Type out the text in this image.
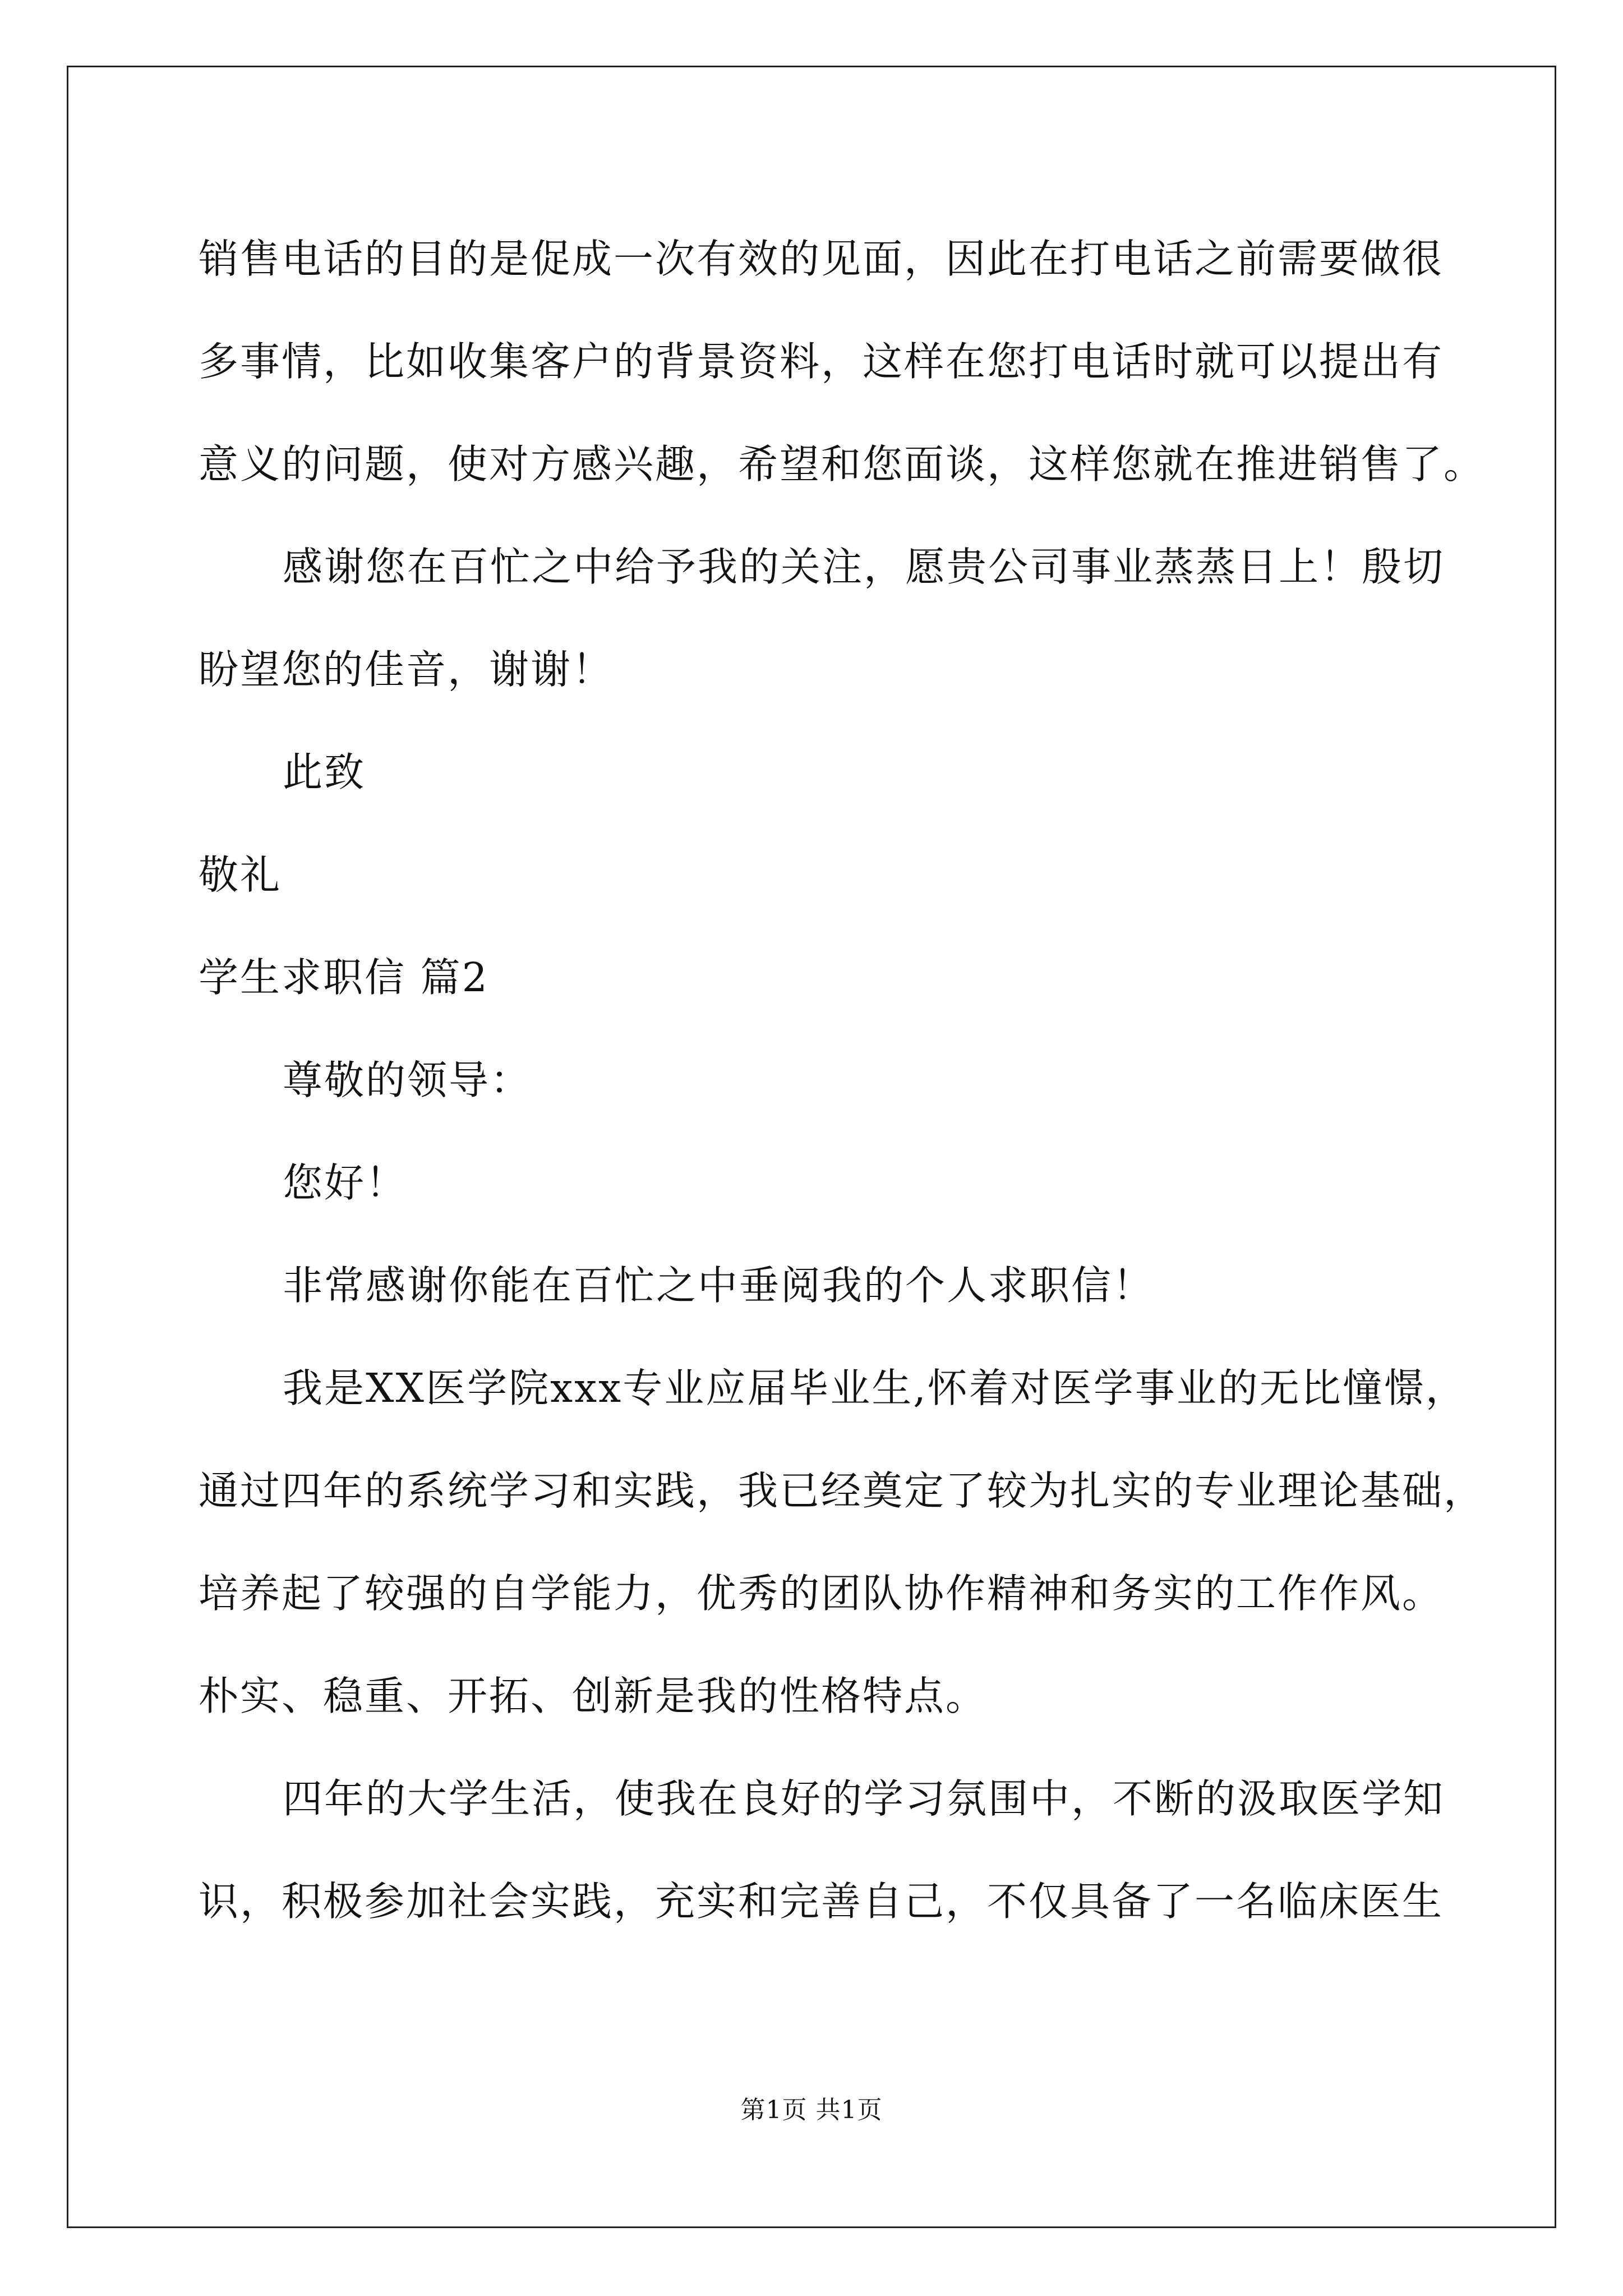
销售电话的目的是促成一次有效的见面，因此在打电话之前需要做很
多事情，比如收集客户的背景资料，这样在您打电话时就可以提出有
意义的问题，使对方感兴趣，希望和您面谈，这样您就在推进销售了。
感谢您在百忙之中给予我的关注，愿贵公司事业蒸蒸日上！殷切
盼望您的佳音，谢谢！
此致
敬礼
学生求职信 篇2
尊敬的领导：
您好！
非常感谢你能在百忙之中垂阅我的个人求职信！
我是XX医学院xxx专业应届毕业生,怀着对医学事业的无比憧憬，
通过四年的系统学习和实践，我已经奠定了较为扎实的专业理论基础，
培养起了较强的自学能力，优秀的团队协作精神和务实的工作作风。
朴实、稳重、开拓、创新是我的性格特点。
四年的大学生活，使我在良好的学习氛围中，不断的汲取医学知
识，积极参加社会实践，充实和完善自己，不仅具备了一名临床医生
第1页 共1页
